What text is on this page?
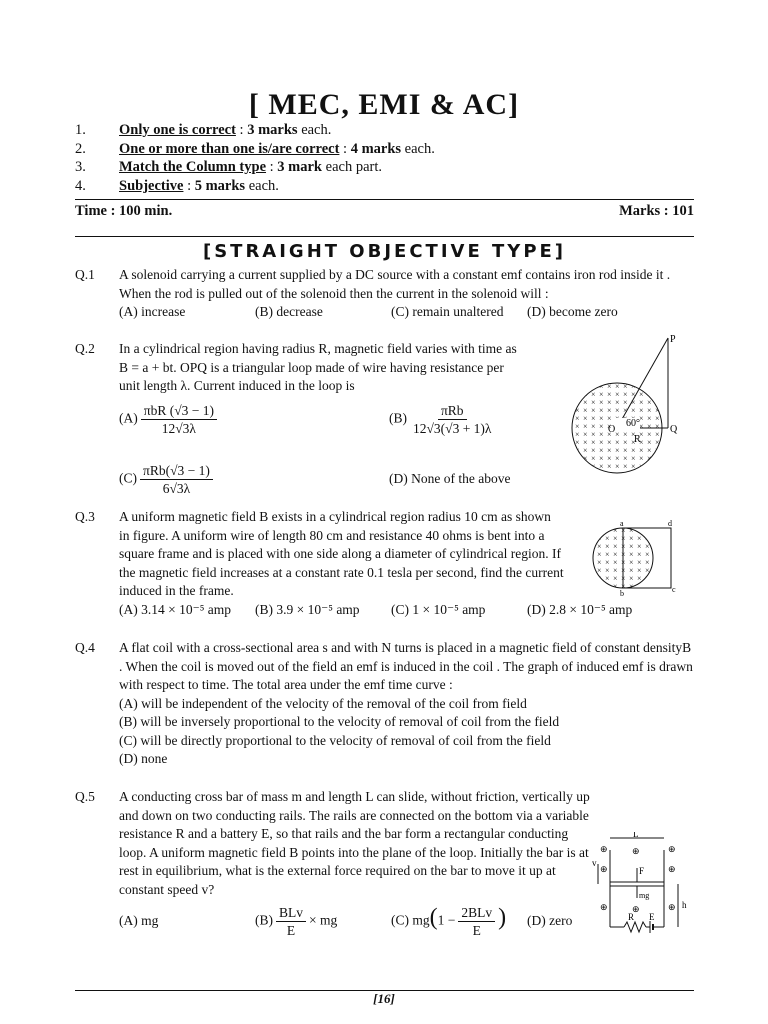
[ MEC, EMI & AC]
1. Only one is correct : 3 marks each.
2. One or more than one is/are correct : 4 marks each.
3. Match the Column type : 3 mark each part.
4. Subjective : 5 marks each.
Time : 100 min.	Marks : 101
[STRAIGHT OBJECTIVE TYPE]
Q.1 A solenoid carrying a current supplied by a DC source with a constant emf contains iron rod inside it . When the rod is pulled out of the solenoid then the current in the solenoid will :
(A) increase	(B) decrease	(C) remain unaltered	(D) become zero
Q.2 In a cylindrical region having radius R, magnetic field varies with time as B = a + bt. OPQ is a triangular loop made of wire having resistance per unit length λ. Current induced in the loop is
$(A) \frac{\text{πbR (√3 − 1)}}{12√3\lambda}$	$(B) \frac{\text{πRb}}{12√3(√3 + 1)\lambda}$
$(C) \frac{\text{πRb(√3 − 1)}}{6√3\lambda}$	(D) None of the above
P
O	Q
R
60°
Q.3 A uniform magnetic field B exists in a cylindrical region radius 10 cm as shown in figure. A uniform wire of length 80 cm and resistance 40 ohms is bent into a square frame and is placed with one side along a diameter of cylindrical region. If the magnetic field increases at a constant rate 0.1 tesla per second, find the current induced in the frame.
(A) 3.14 × 10⁻⁵ amp	(B) 3.9 × 10⁻⁵ amp	(C) 1 × 10⁻⁵ amp	(D) 2.8 × 10⁻⁵ amp
a	d
b	c
Q.4 A flat coil with a cross-sectional area s and with N turns is placed in a magnetic field of constant densityB . When the coil is moved out of the field an emf is induced in the coil . The graph of induced emf is drawn with respect to time. The total area under the emf time curve :
(A) will be independent of the velocity of the removal of the coil from field
(B) will be inversely proportional to the velocity of removal of coil from the field
(C) will be directly proportional to the velocity of removal of coil from the field
(D) none
Q.5 A conducting cross bar of mass m and length L can slide, without friction, vertically up and down on two conducting rails. The rails are connected on the bottom via a variable resistance R and a battery E, so that rails and the bar form a rectangular conducting loop. A uniform magnetic field B points into the plane of the loop. Initially the bar is at rest in equilibrium, what is the external force required on the bar to move it up at constant speed v?
(A) mg	$(B) \frac{\text{BLv}}{E}$ × mg	(C) $mg(1 - \frac{\text{2BLv}}{E}$ )	(D) zero
⊕	⊕	⊕
⊕	⊕
⊕	⊕	⊕
L
v
F
mg
R E
h
[16]
